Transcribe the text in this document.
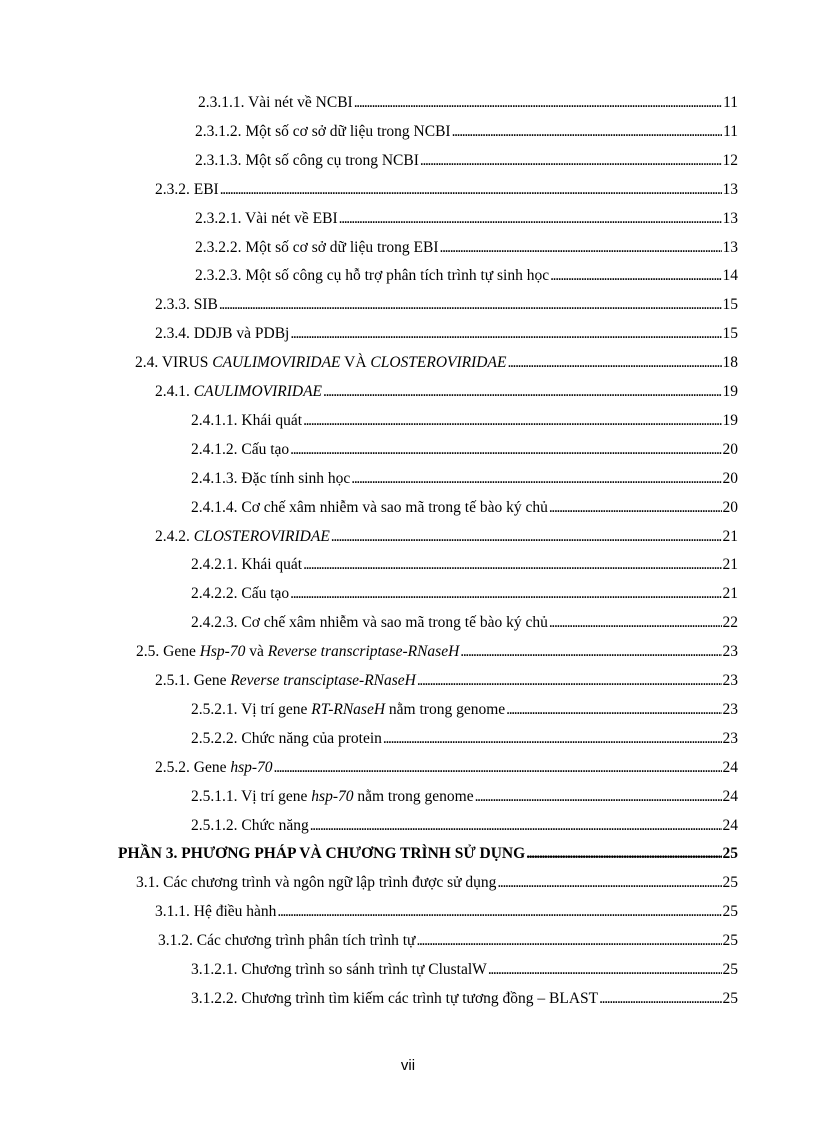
2.3.1.1. Vài nét về NCBI . . .	11
2.3.1.2. Một số cơ sở dữ liệu trong NCBI . . .	11
2.3.1.3. Một số công cụ trong NCBI . . .	12
2.3.2. EBI . . .	13
2.3.2.1. Vài nét về EBI . . .	13
2.3.2.2. Một số cơ sở dữ liệu trong EBI . . .	13
2.3.2.3. Một số công cụ hỗ trợ phân tích trình tự sinh học . . .	14
2.3.3. SIB . . .	15
2.3.4. DDJB và PDBj . . .	15
2.4. VIRUS CAULIMOVIRIDAE VÀ CLOSTEROVIRIDAE . . .	18
2.4.1. CAULIMOVIRIDAE . . .	19
2.4.1.1. Khái quát . . .	19
2.4.1.2. Cấu tạo . . .	20
2.4.1.3. Đặc tính sinh học . . .	20
2.4.1.4. Cơ chế xâm nhiễm và sao mã trong tế bào ký chủ . . .	20
2.4.2. CLOSTEROVIRIDAE . . .	21
2.4.2.1. Khái quát . . .	21
2.4.2.2. Cấu tạo . . .	21
2.4.2.3. Cơ chế xâm nhiễm và sao mã trong tế bào ký chủ . . .	22
2.5. Gene Hsp-70 và Reverse transcriptase-RNaseH . . .	23
2.5.1. Gene Reverse transciptase-RNaseH . . .	23
2.5.2.1. Vị trí gene RT-RNaseH nằm trong genome . . .	23
2.5.2.2. Chức năng của protein . . .	23
2.5.2. Gene hsp-70 . . .	24
2.5.1.1. Vị trí gene hsp-70 nằm trong genome . . .	24
2.5.1.2. Chức năng . . .	24
PHẦN 3. PHƯƠNG PHÁP VÀ CHƯƠNG TRÌNH SỬ DỤNG . . .	25
3.1. Các chương trình và ngôn ngữ lập trình được sử dụng . . .	25
3.1.1. Hệ điều hành . . .	25
3.1.2. Các chương trình phân tích trình tự . . .	25
3.1.2.1. Chương trình so sánh trình tự ClustalW . . .	25
3.1.2.2. Chương trình tìm kiếm các trình tự tương đồng – BLAST . . .	25
vii
